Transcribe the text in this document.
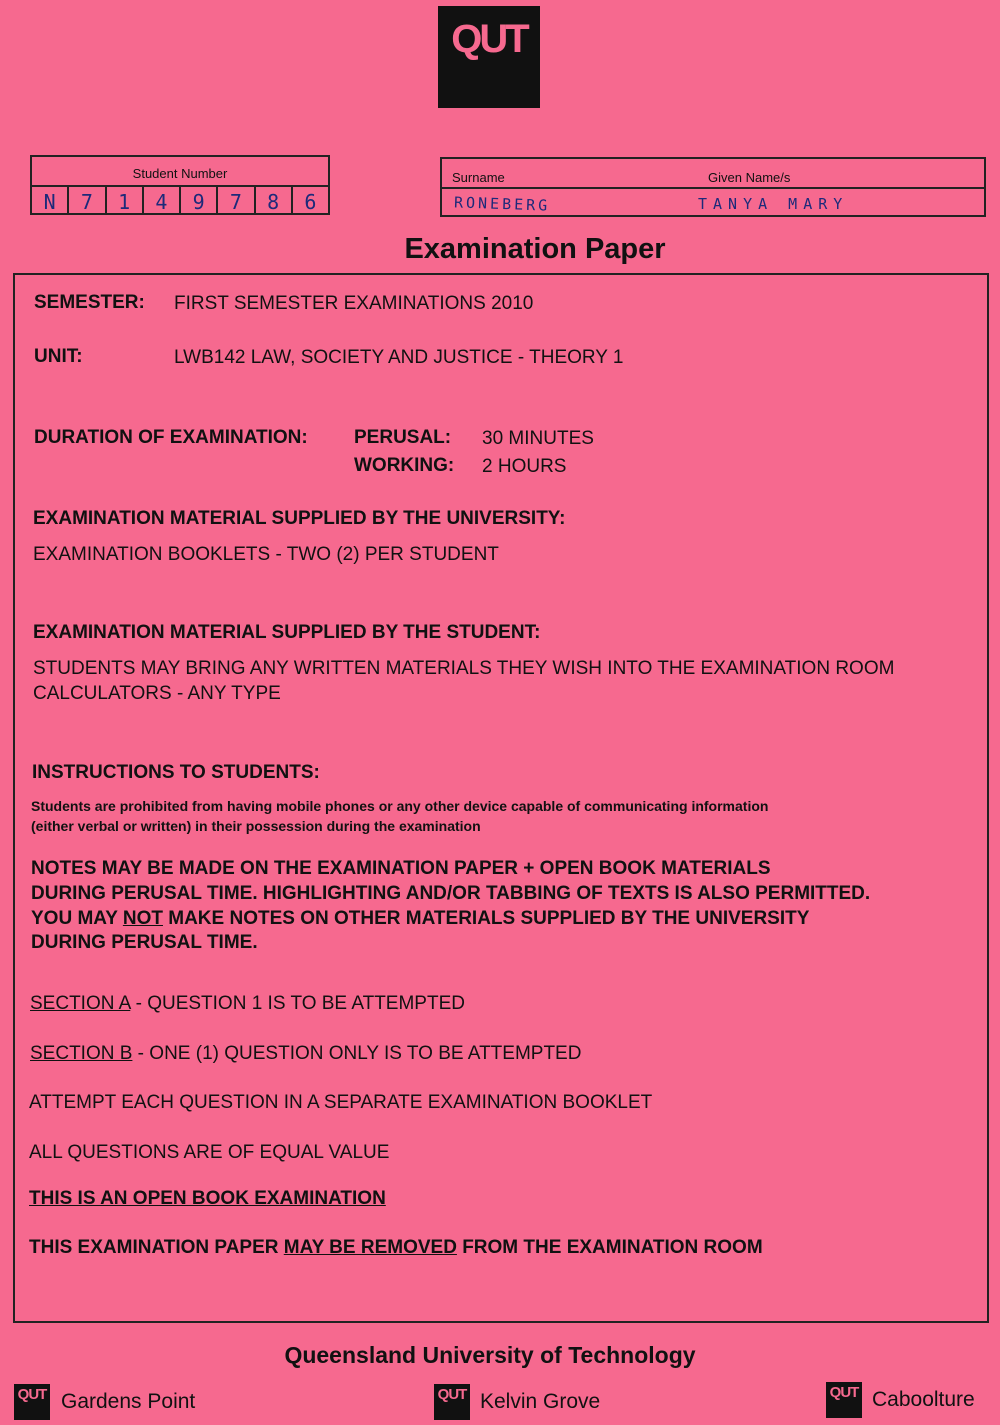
QUT
Student Number
N	7	1	4	9	7	8	6
Surname	Given Name/s
RONEBERG	TANYA MARY
Examination Paper
SEMESTER: FIRST SEMESTER EXAMINATIONS 2010
UNIT:	LWB142 LAW, SOCIETY AND JUSTICE - THEORY 1
DURATION OF EXAMINATION: PERUSAL: 30 MINUTES
WORKING: 2 HOURS
EXAMINATION MATERIAL SUPPLIED BY THE UNIVERSITY:
EXAMINATION BOOKLETS - TWO (2) PER STUDENT
EXAMINATION MATERIAL SUPPLIED BY THE STUDENT:
STUDENTS MAY BRING ANY WRITTEN MATERIALS THEY WISH INTO THE EXAMINATION ROOM
CALCULATORS - ANY TYPE
INSTRUCTIONS TO STUDENTS:
Students are prohibited from having mobile phones or any other device capable of communicating information
(either verbal or written) in their possession during the examination
NOTES MAY BE MADE ON THE EXAMINATION PAPER + OPEN BOOK MATERIALS
DURING PERUSAL TIME. HIGHLIGHTING AND/OR TABBING OF TEXTS IS ALSO PERMITTED.
YOU MAY NOT MAKE NOTES ON OTHER MATERIALS SUPPLIED BY THE UNIVERSITY
DURING PERUSAL TIME.
SECTION A - QUESTION 1 IS TO BE ATTEMPTED
SECTION B - ONE (1) QUESTION ONLY IS TO BE ATTEMPTED
ATTEMPT EACH QUESTION IN A SEPARATE EXAMINATION BOOKLET
ALL QUESTIONS ARE OF EQUAL VALUE
THIS IS AN OPEN BOOK EXAMINATION
THIS EXAMINATION PAPER MAY BE REMOVED FROM THE EXAMINATION ROOM
Queensland University of Technology
QUT Gardens Point	QUT Kelvin Grove	QUT Caboolture
